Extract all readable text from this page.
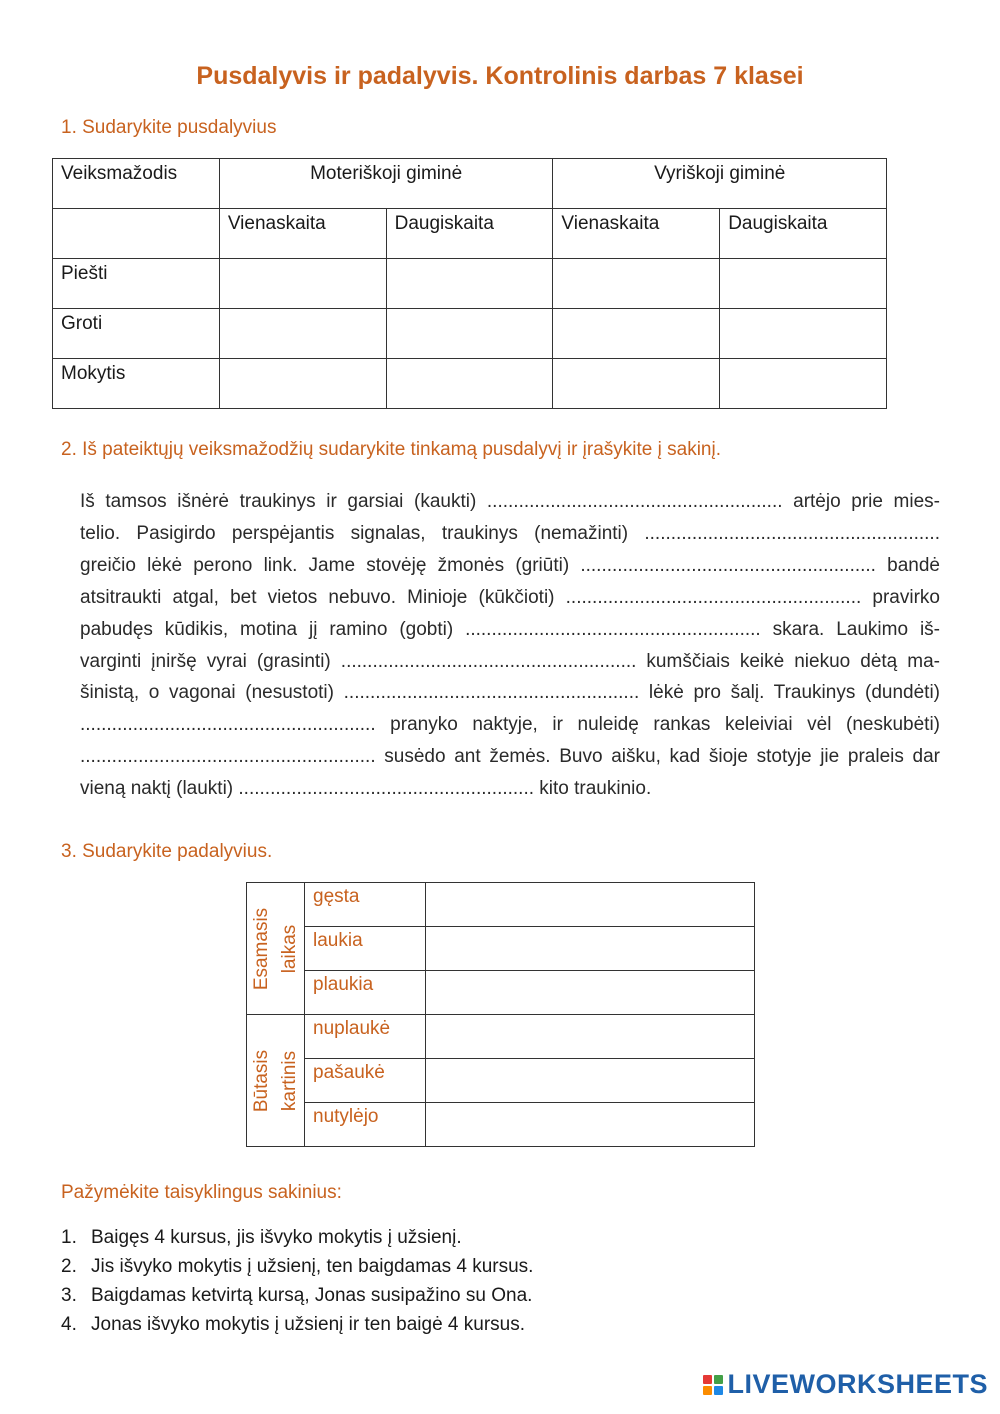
Pusdalyvis ir padalyvis. Kontrolinis darbas 7 klasei
1. Sudarykite pusdalyvius
Veiksmažodis	Moteriškoji giminė		Vyriškoji giminė	
	Vienaskaita	Daugiskaita	Vienaskaita	Daugiskaita
Piešti				
Groti				
Mokytis				
2. Iš pateiktųjų veiksmažodžių sudarykite tinkamą pusdalyvį ir įrašykite į sakinį.
Iš tamsos išnėrė traukinys ir garsiai (kaukti) ........................................................ artėjo prie mies-
telio. Pasigirdo perspėjantis signalas, traukinys (nemažinti) ........................................................
greičio lėkė perono link. Jame stovėję žmonės (griūti) ........................................................ bandė
atsitraukti atgal, bet vietos nebuvo. Minioje (kūkčioti) ........................................................ pravirko
pabudęs kūdikis, motina jį ramino (gobti) ........................................................ skara. Laukimo iš-
varginti įniršę vyrai (grasinti) ........................................................ kumščiais keikė niekuo dėtą ma-
šinistą, o vagonai (nesustoti) ........................................................ lėkė pro šalį. Traukinys (dundėti)
........................................................ pranyko naktyje, ir nuleidę rankas keleiviai vėl (neskubėti)
........................................................ susėdo ant žemės. Buvo aišku, kad šioje stotyje jie praleis dar
vieną naktį (laukti) ........................................................ kito traukinio.
3. Sudarykite padalyvius.
Esamasis laikas	gęsta	
	laukia	
	plaukia	

Būtasis kartinis	nuplaukė	
	pašaukė	
	nutylėjo	
Pažymėkite taisyklingus sakinius:
1. Baigęs 4 kursus, jis išvyko mokytis į užsienį.
2. Jis išvyko mokytis į užsienį, ten baigdamas 4 kursus.
3. Baigdamas ketvirtą kursą, Jonas susipažino su Ona.
4. Jonas išvyko mokytis į užsienį ir ten baigė 4 kursus.
LIVEWORKSHEETS
